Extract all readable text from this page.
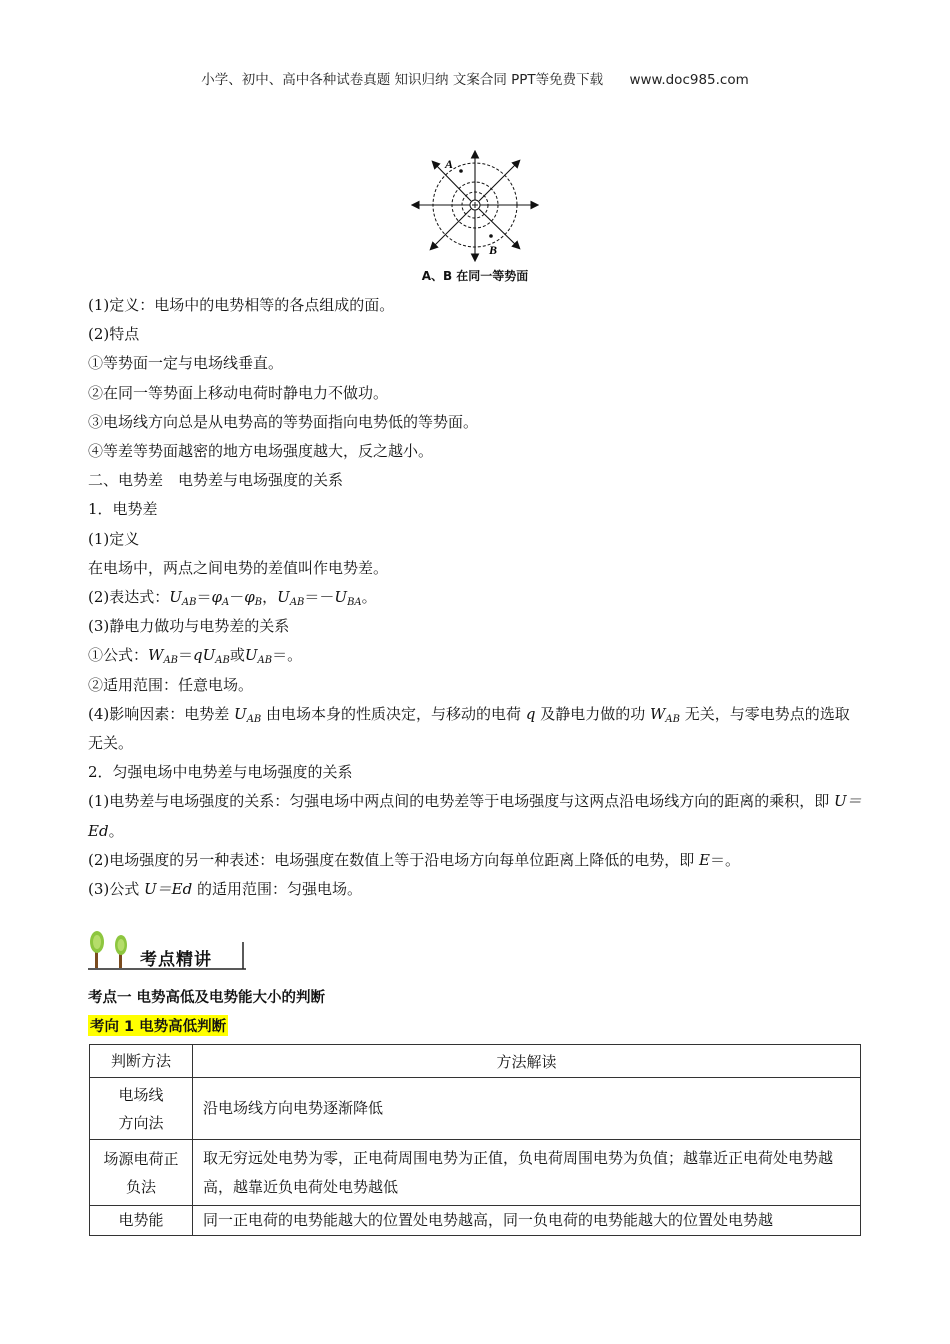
小学、初中、高中各种试卷真题 知识归纳 文案合同 PPT等免费下载 www.doc985.com
A
B
A、B 在同一等势面

(1)定义：电场中的电势相等的各点组成的面。

(2)特点

①等势面一定与电场线垂直。

②在同一等势面上移动电荷时静电力不做功。

③电场线方向总是从电势高的等势面指向电势低的等势面。

④等差等势面越密的地方电场强度越大，反之越小。

二、电势差　电势差与电场强度的关系

1．电势差

(1)定义

在电场中，两点之间电势的差值叫作电势差。

(2)表达式：$U_{AB}=\varphi_A-\varphi_B$，$U_{AB}=-U_{BA}$。

(3)静电力做功与电势差的关系

①公式：$W_{AB}=qU_{AB}$或$U_{AB}=$。

②适用范围：任意电场。

(4)影响因素：电势差 $U_{AB}$ 由电场本身的性质决定，与移动的电荷 q 及静电力做的功 $W_{AB}$ 无关，与零电势点的选取无关。

2．匀强电场中电势差与电场强度的关系

(1)电势差与电场强度的关系：匀强电场中两点间的电势差等于电场强度与这两点沿电场线方向的距离的乘积，即 U＝Ed。

(2)电场强度的另一种表述：电场强度在数值上等于沿电场方向每单位距离上降低的电势，即 E＝。

(3)公式 U＝Ed 的适用范围：匀强电场。

考点精讲
考点一 电势高低及电势能大小的判断
考向 1 电势高低判断
判断方法	方法解读

电场线
方向法	沿电场线方向电势逐渐降低

场源电荷正
负法	取无穷远处电势为零，正电荷周围电势为正值，负电荷周围电势为负值；越靠近正电荷处电势越高，越靠近负电荷处电势越低

电势能	同一正电荷的电势能越大的位置处电势越高，同一负电荷的电势能越大的位置处电势越
